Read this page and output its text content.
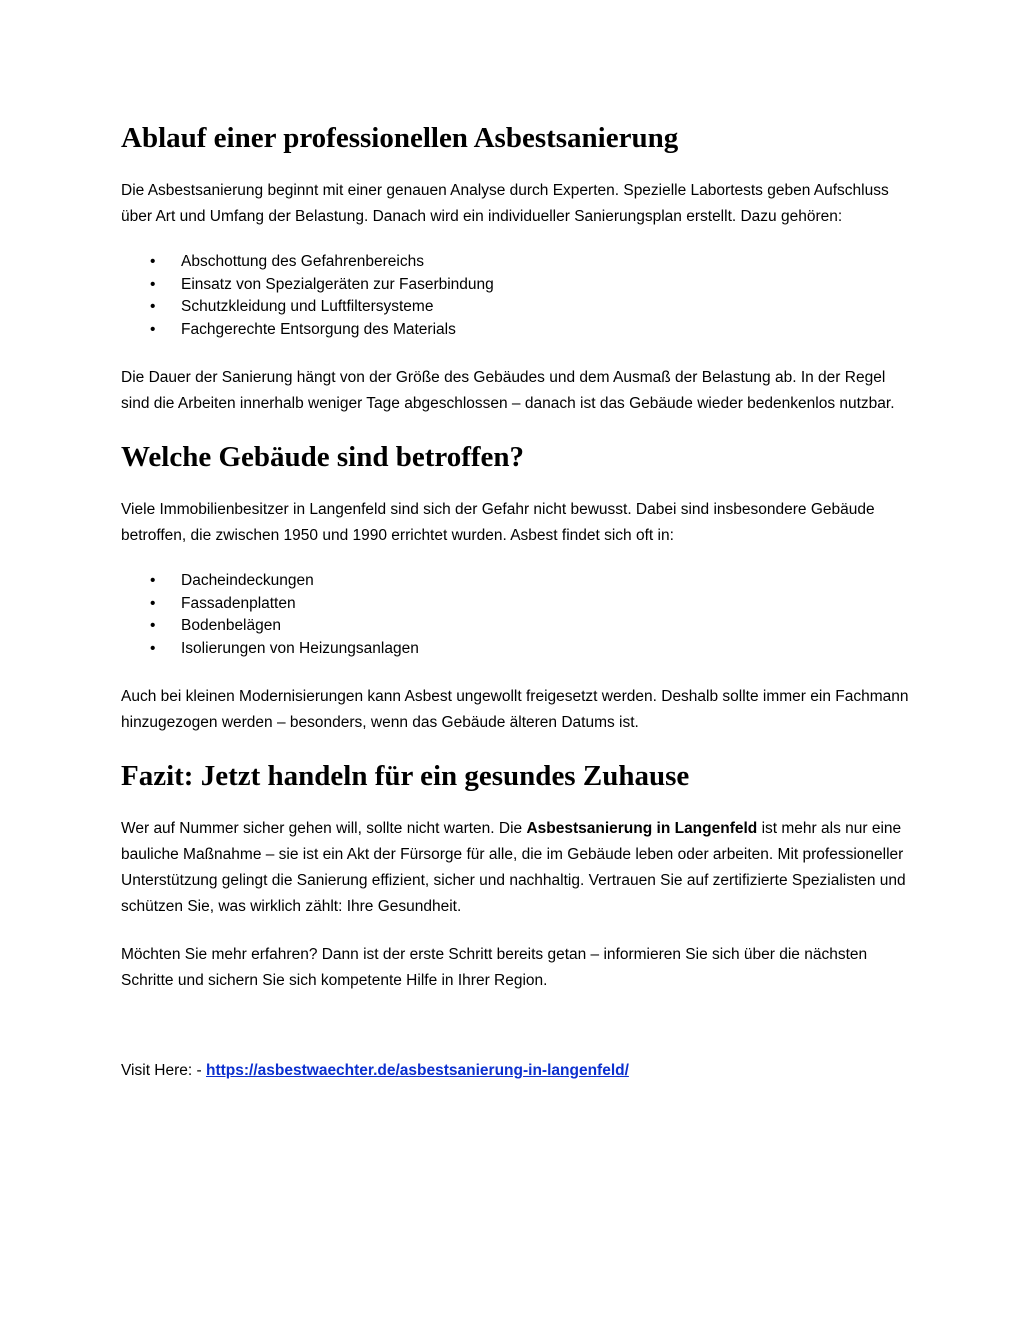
Ablauf einer professionellen Asbestsanierung

Die Asbestsanierung beginnt mit einer genauen Analyse durch Experten. Spezielle Labortests geben Aufschluss über Art und Umfang der Belastung. Danach wird ein individueller Sanierungsplan erstellt. Dazu gehören:

• Abschottung des Gefahrenbereichs
• Einsatz von Spezialgeräten zur Faserbindung
• Schutzkleidung und Luftfiltersysteme
• Fachgerechte Entsorgung des Materials

Die Dauer der Sanierung hängt von der Größe des Gebäudes und dem Ausmaß der Belastung ab. In der Regel sind die Arbeiten innerhalb weniger Tage abgeschlossen – danach ist das Gebäude wieder bedenkenlos nutzbar.

Welche Gebäude sind betroffen?

Viele Immobilienbesitzer in Langenfeld sind sich der Gefahr nicht bewusst. Dabei sind insbesondere Gebäude betroffen, die zwischen 1950 und 1990 errichtet wurden. Asbest findet sich oft in:

• Dacheindeckungen
• Fassadenplatten
• Bodenbelägen
• Isolierungen von Heizungsanlagen

Auch bei kleinen Modernisierungen kann Asbest ungewollt freigesetzt werden. Deshalb sollte immer ein Fachmann hinzugezogen werden – besonders, wenn das Gebäude älteren Datums ist.

Fazit: Jetzt handeln für ein gesundes Zuhause

Wer auf Nummer sicher gehen will, sollte nicht warten. Die Asbestsanierung in Langenfeld ist mehr als nur eine bauliche Maßnahme – sie ist ein Akt der Fürsorge für alle, die im Gebäude leben oder arbeiten. Mit professioneller Unterstützung gelingt die Sanierung effizient, sicher und nachhaltig. Vertrauen Sie auf zertifizierte Spezialisten und schützen Sie, was wirklich zählt: Ihre Gesundheit.

Möchten Sie mehr erfahren? Dann ist der erste Schritt bereits getan – informieren Sie sich über die nächsten Schritte und sichern Sie sich kompetente Hilfe in Ihrer Region.

Visit Here: - https://asbestwaechter.de/asbestsanierung-in-langenfeld/
